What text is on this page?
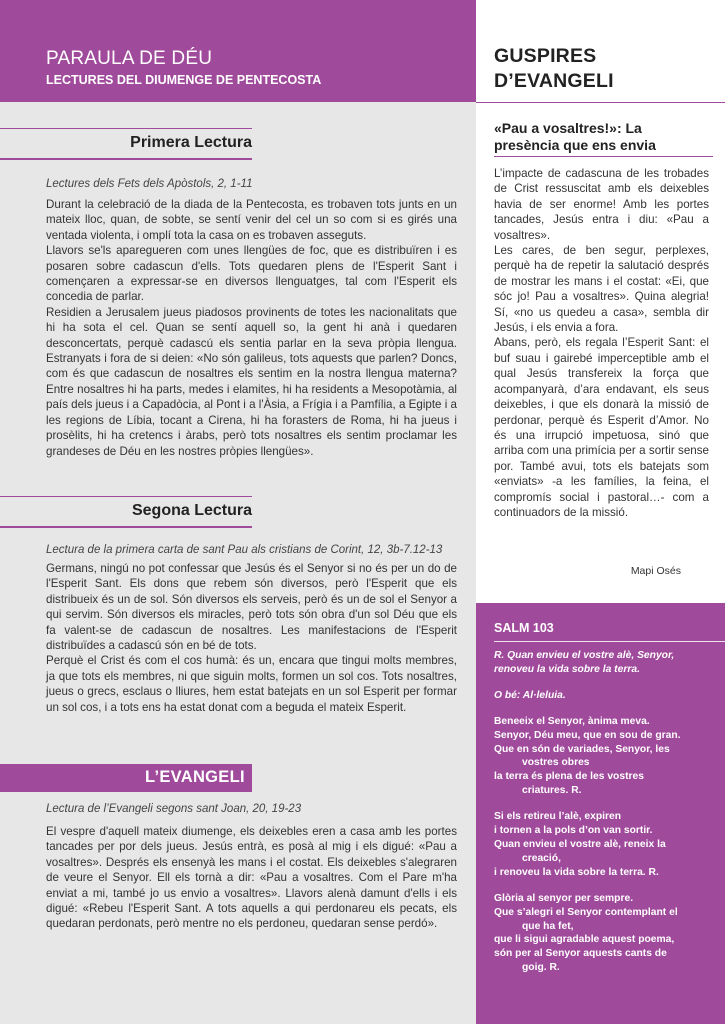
PARAULA DE DÉU
LECTURES DEL DIUMENGE DE PENTECOSTA
GUSPIRES
D’EVANGELI
Primera Lectura
Lectures dels Fets dels Apòstols, 2, 1-11

Durant la celebració de la diada de la Pentecosta, es trobaven tots junts en un mateix lloc, quan, de sobte, se sentí venir del cel un so com si es girés una ventada violenta, i omplí tota la casa on es trobaven asseguts.

Llavors se'ls aparegueren com unes llengües de foc, que es distribuïren i es posaren sobre cadascun d'ells. Tots quedaren plens de l'Esperit Sant i començaren a expressar-se en diversos llenguatges, tal com l'Esperit els concedia de parlar.

Residien a Jerusalem jueus piadosos provinents de totes les nacionalitats que hi ha sota el cel. Quan se sentí aquell so, la gent hi anà i quedaren desconcertats, perquè cadascú els sentia parlar en la seva pròpia llengua. Estranyats i fora de si deien: «No són galileus, tots aquests que parlen? Doncs, com és que cadascun de nosaltres els sentim en la nostra llengua materna? Entre nosaltres hi ha parts, medes i elamites, hi ha residents a Mesopotàmia, al país dels jueus i a Capadòcia, al Pont i a l'Àsia, a Frígia i a Pamfília, a Egipte i a les regions de Líbia, tocant a Cirena, hi ha forasters de Roma, hi ha jueus i prosèlits, hi ha cretencs i àrabs, però tots nosaltres els sentim proclamar les grandeses de Déu en les nostres pròpies llengües».

Segona Lectura
Lectura de la primera carta de sant Pau als cristians de Corint, 12, 3b-7.12-13

Germans, ningú no pot confessar que Jesús és el Senyor si no és per un do de l'Esperit Sant. Els dons que rebem són diversos, però l'Esperit que els distribueix és un de sol. Són diversos els serveis, però és un de sol el Senyor a qui servim. Són diversos els miracles, però tots són obra d'un sol Déu que els fa valent-se de cadascun de nosaltres. Les manifestacions de l'Esperit distribuïdes a cadascú són en bé de tots.

Perquè el Crist és com el cos humà: és un, encara que tingui molts membres, ja que tots els membres, ni que siguin molts, formen un sol cos. Tots nosaltres, jueus o grecs, esclaus o lliures, hem estat batejats en un sol Esperit per formar un sol cos, i a tots ens ha estat donat com a beguda el mateix Esperit.

L’EVANGELI
Lectura de l’Evangeli segons sant Joan, 20, 19-23

El vespre d'aquell mateix diumenge, els deixebles eren a casa amb les portes tancades per por dels jueus. Jesús entrà, es posà al mig i els digué: «Pau a vosaltres». Després els ensenyà les mans i el costat. Els deixebles s'alegraren de veure el Senyor. Ell els tornà a dir: «Pau a vosaltres. Com el Pare m'ha enviat a mi, també jo us envio a vosaltres». Llavors alenà damunt d'ells i els digué: «Rebeu l'Esperit Sant. A tots aquells a qui perdonareu els pecats, els quedaran perdonats, però mentre no els perdoneu, quedaran sense perdó».

«Pau a vosaltres!»: La presència que ens envia

L’impacte de cadascuna de les trobades de Crist ressuscitat amb els deixebles havia de ser enorme! Amb les portes tancades, Jesús entra i diu: «Pau a vosaltres».

Les cares, de ben segur, perplexes, perquè ha de repetir la salutació després de mostrar les mans i el costat: «Ei, que sóc jo! Pau a vosaltres». Quina alegria! Sí, «no us quedeu a casa», sembla dir Jesús, i els envia a fora.

Abans, però, els regala l’Esperit Sant: el buf suau i gairebé imperceptible amb el qual Jesús transfereix la força que acompanyarà, d’ara endavant, els seus deixebles, i que els donarà la missió de perdonar, perquè és Esperit d’Amor. No és una irrupció impetuosa, sinó que arriba com una primícia per a sortir sense por. També avui, tots els batejats som «enviats» -a les famílies, la feina, el compromís social i pastoral…- com a continuadors de la missió.

Mapi Osés
SALM 103

R. Quan envieu el vostre alè, Senyor, renoveu la vida sobre la terra.

O bé: Al·leluia.

Beneeix el Senyor, ànima meva.

Senyor, Déu meu, que en sou de gran.

Que en són de variades, Senyor, les

vostres obres

la terra és plena de les vostres

criatures. R.

Si els retireu l’alè, expiren

i tornen a la pols d’on van sortir.

Quan envieu el vostre alè, reneix la

creació,

i renoveu la vida sobre la terra. R.

Glòria al senyor per sempre.

Que s’alegri el Senyor contemplant el

que ha fet,

que li sigui agradable aquest poema,

són per al Senyor aquests cants de

goig. R.
